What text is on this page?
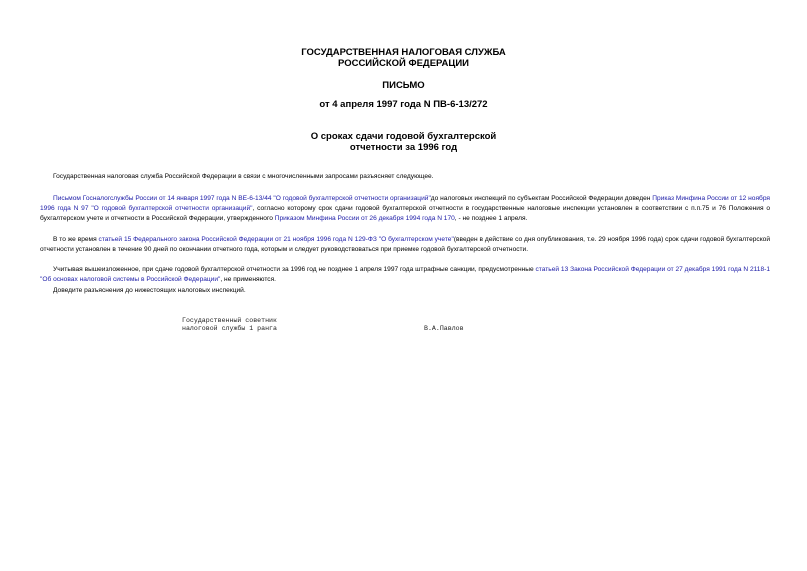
ГОСУДАРСТВЕННАЯ НАЛОГОВАЯ СЛУЖБА
РОССИЙСКОЙ ФЕДЕРАЦИИ
ПИСЬМО
от 4 апреля 1997 года N ПВ-6-13/272
О сроках сдачи годовой бухгалтерской
отчетности за 1996 год
Государственная налоговая служба Российской Федерации в связи с многочисленными запросами разъясняет следующее.
Письмом Госналогслужбы России от 14 января 1997 года N ВЕ-6-13/44 "О годовой бухгалтерской отчетности организаций"до налоговых инспекций по субъектам Российской Федерации доведен Приказ Минфина России от 12 ноября 1996 года N 97 "О годовой бухгалтерской отчетности организаций", согласно которому срок сдачи годовой бухгалтерской отчетности в государственные налоговые инспекции установлен в соответствии с п.п.75 и 76 Положения о бухгалтерском учете и отчетности в Российской Федерации, утвержденного Приказом Минфина России от 26 декабря 1994 года N 170, - не позднее 1 апреля.
В то же время статьей 15 Федерального закона Российской Федерации от 21 ноября 1996 года N 129-ФЗ "О бухгалтерском учете"(введен в действие со дня опубликования, т.е. 29 ноября 1996 года) срок сдачи годовой бухгалтерской отчетности установлен в течение 90 дней по окончании отчетного года, которым и следует руководствоваться при приемке годовой бухгалтерской отчетности.
Учитывая вышеизложенное, при сдаче годовой бухгалтерской отчетности за 1996 год не позднее 1 апреля 1997 года штрафные санкции, предусмотренные статьей 13 Закона Российской Федерации от 27 декабря 1991 года N 2118-1 "Об основах налоговой системы в Российской Федерации", не применяются.
Доведите разъяснения до нижестоящих налоговых инспекций.
Государственный советник
налоговой службы 1 ранга	В.А.Павлов
